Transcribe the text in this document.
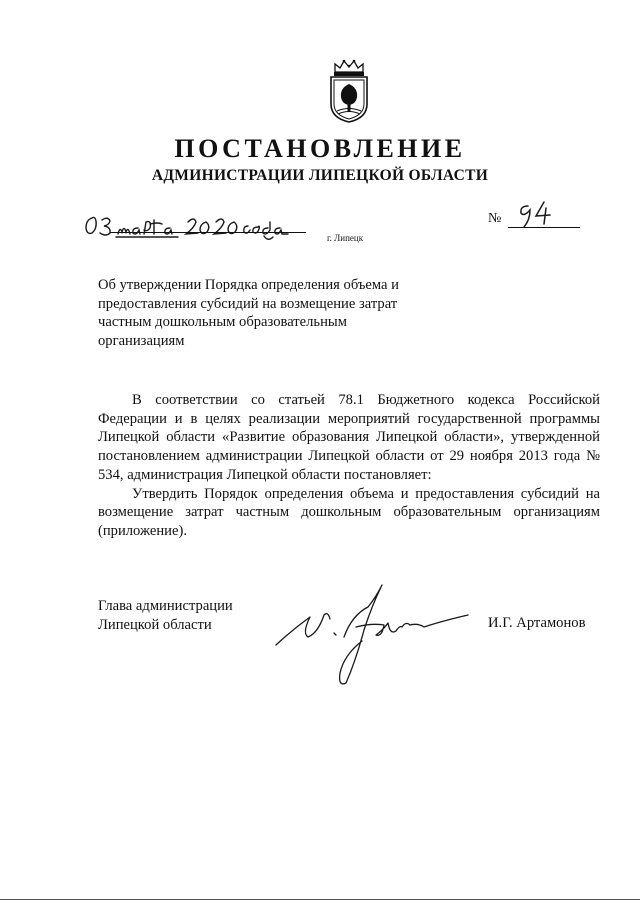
ПОСТАНОВЛЕНИЕ
АДМИНИСТРАЦИИ ЛИПЕЦКОЙ ОБЛАСТИ
г. Липецк
№
Об утверждении Порядка определения объема и предоставления субсидий на возмещение затрат частным дошкольным образовательным организациям

В соответствии со статьей 78.1 Бюджетного кодекса Российской Федерации и в целях реализации мероприятий государственной программы Липецкой области «Развитие образования Липецкой области», утвержденной постановлением администрации Липецкой области от 29 ноября 2013 года № 534, администрация Липецкой области постановляет:

Утвердить Порядок определения объема и предоставления субсидий на возмещение затрат частным дошкольным образовательным организациям (приложение).

Глава администрации
Липецкой области	И.Г. Артамонов
